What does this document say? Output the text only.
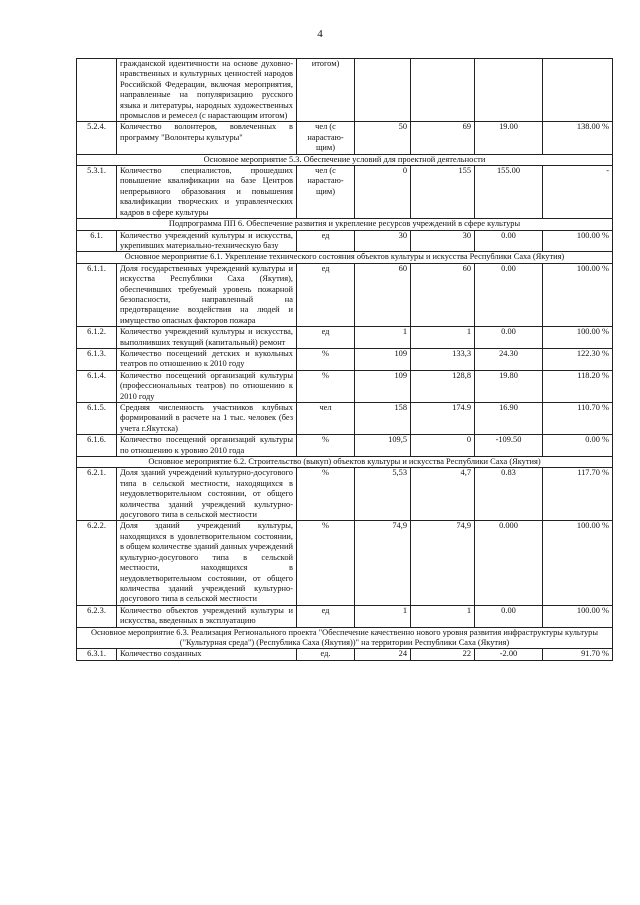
4
	гражданской идентичности на основе духовно-нравственных и культурных ценностей народов Российской Федерации, включая мероприятия, направленные на популяризацию русского языка и литературы, народных художественных промыслов и ремесел (с нарастающим итогом)	итогом)				
5.2.4.	Количество волонтеров, вовлеченных в программу "Волонтеры культуры"	чел (с нарастаю-щим)	50	69	19.00	138.00 %
Основное мероприятие 5.3. Обеспечение условий для проектной деятельности						
5.3.1.	Количество специалистов, прошедших повышение квалификации на базе Центров непрерывного образования и повышения квалификации творческих и управленческих кадров в сфере культуры	чел (с нарастаю-щим)	0	155	155.00	-
Подпрограмма ПП 6. Обеспечение развития и укрепление ресурсов учреждений в сфере культуры						
6.1.	Количество учреждений культуры и искусства, укрепивших материально-техническую базу	ед	30	30	0.00	100.00 %
Основное мероприятие 6.1. Укрепление технического состояния объектов культуры и искусства Республики Саха (Якутия)						
6.1.1.	Доля государственных учреждений культуры и искусства Республики Саха (Якутия), обеспечивших требуемый уровень пожарной безопасности, направленный на предотвращение воздействия на людей и имущество опасных факторов пожара	ед	60	60	0.00	100.00 %
6.1.2.	Количество учреждений культуры и искусства, выполнивших текущий (капитальный) ремонт	ед	1	1	0.00	100.00 %
6.1.3.	Количество посещений детских и кукольных театров по отношению к 2010 году	%	109	133,3	24.30	122.30 %
6.1.4.	Количество посещений организаций культуры (профессиональных театров) по отношению к 2010 году	%	109	128,8	19.80	118.20 %
6.1.5.	Средняя численность участников клубных формирований в расчете на 1 тыс. человек (без учета г.Якутска)	чел	158	174.9	16.90	110.70 %
6.1.6.	Количество посещений организаций культуры по отношению к уровню 2010 года	%	109,5	0	-109.50	0.00 %
Основное мероприятие 6.2. Строительство (выкуп) объектов культуры и искусства Республики Саха (Якутия)						
6.2.1.	Доля зданий учреждений культурно-досугового типа в сельской местности, находящихся в неудовлетворительном состоянии, от общего количества зданий учреждений культурно-досугового типа в сельской местности	%	5,53	4,7	0.83	117.70 %
6.2.2.	Доля зданий учреждений культуры, находящихся в удовлетворительном состоянии, в общем количестве зданий данных учреждений культурно-досугового типа в сельской местности, находящихся в неудовлетворительном состоянии, от общего количества зданий учреждений культурно-досугового типа в сельской местности	%	74,9	74,9	0.000	100.00 %
6.2.3.	Количество объектов учреждений культуры и искусства, введенных в эксплуатацию	ед	1	1	0.00	100.00 %
Основное мероприятие 6.3. Реализация Регионального проекта "Обеспечение качественно нового уровня развития инфраструктуры культуры ("Культурная среда") (Республика Саха (Якутия))" на территории Республики Саха (Якутия)						
6.3.1.	Количество созданных	ед.	24	22	-2.00	91.70 %
